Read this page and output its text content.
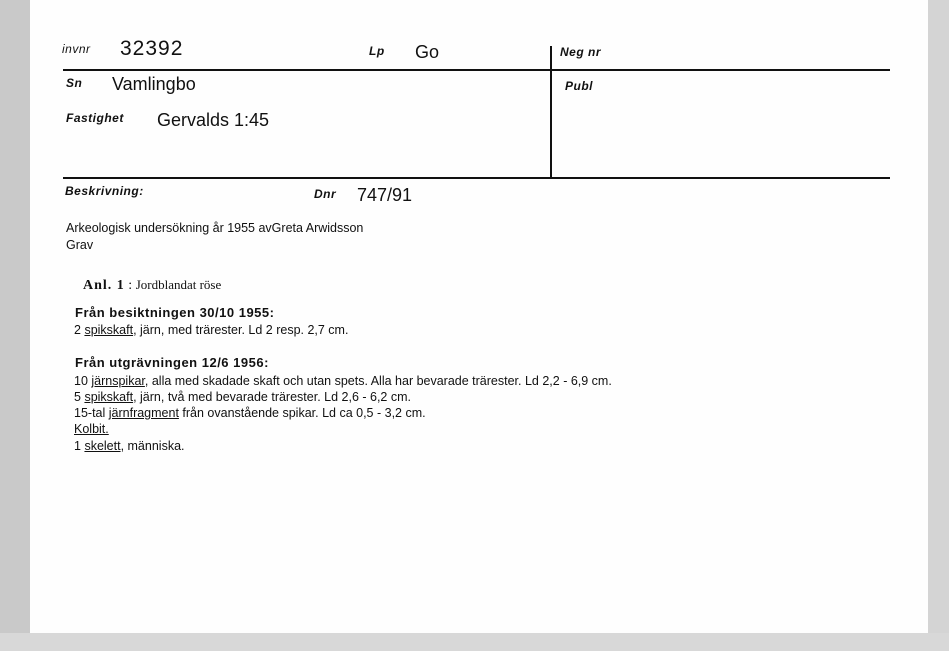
invnr 32392	Lp Go	Neg nr
Sn Vamlingbo	Publ
Fastighet Gervalds 1:45
Beskrivning:	Dnr 747/91
Arkeologisk undersökning år 1955 avGreta Arwidsson
Grav
Anl. 1 : Jordblandat röse
Från besiktningen 30/10 1955:
2 spikskaft, järn, med trärester. Ld 2 resp. 2,7 cm.
Från utgrävningen 12/6 1956:
10 järnspikar, alla med skadade skaft och utan spets. Alla har bevarade trärester. Ld 2,2 - 6,9 cm.
5 spikskaft, järn, två med bevarade trärester. Ld 2,6 - 6,2 cm.
15-tal järnfragment från ovanstående spikar. Ld ca 0,5 - 3,2 cm.
Kolbit.
1 skelett, människa.
